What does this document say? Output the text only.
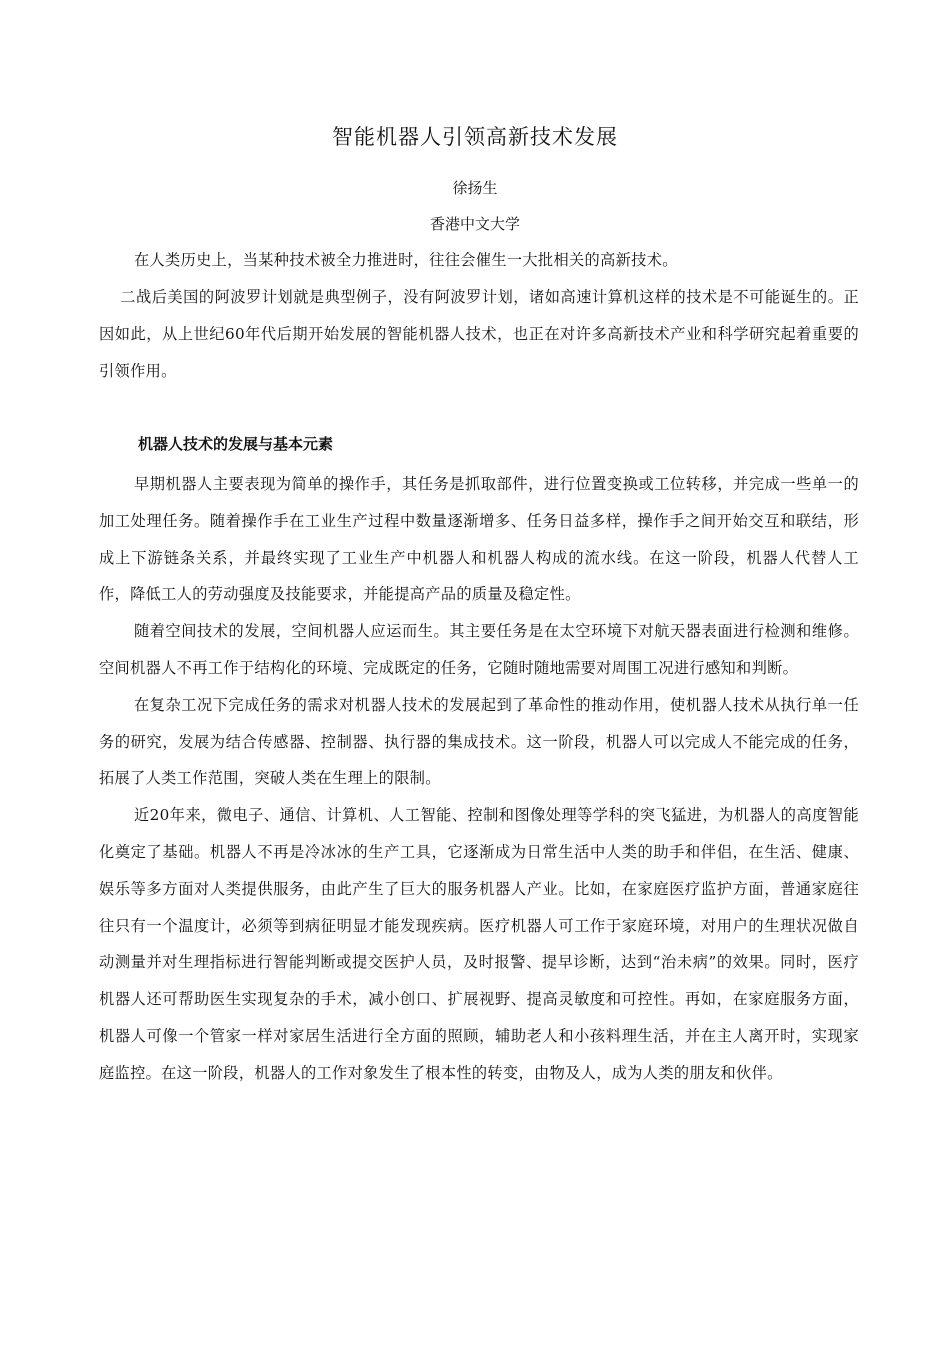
智能机器人引领高新技术发展
徐扬生
香港中文大学

在人类历史上，当某种技术被全力推进时，往往会催生一大批相关的高新技术。

二战后美国的阿波罗计划就是典型例子，没有阿波罗计划，诸如高速计算机这样的技术是不可能诞生的。正因如此，从上世纪60年代后期开始发展的智能机器人技术，也正在对许多高新技术产业和科学研究起着重要的引领作用。

机器人技术的发展与基本元素

早期机器人主要表现为简单的操作手，其任务是抓取部件，进行位置变换或工位转移，并完成一些单一的加工处理任务。随着操作手在工业生产过程中数量逐渐增多、任务日益多样，操作手之间开始交互和联结，形成上下游链条关系，并最终实现了工业生产中机器人和机器人构成的流水线。在这一阶段，机器人代替人工作，降低工人的劳动强度及技能要求，并能提高产品的质量及稳定性。

随着空间技术的发展，空间机器人应运而生。其主要任务是在太空环境下对航天器表面进行检测和维修。空间机器人不再工作于结构化的环境、完成既定的任务，它随时随地需要对周围工况进行感知和判断。

在复杂工况下完成任务的需求对机器人技术的发展起到了革命性的推动作用，使机器人技术从执行单一任务的研究，发展为结合传感器、控制器、执行器的集成技术。这一阶段，机器人可以完成人不能完成的任务，拓展了人类工作范围，突破人类在生理上的限制。

近20年来，微电子、通信、计算机、人工智能、控制和图像处理等学科的突飞猛进，为机器人的高度智能化奠定了基础。机器人不再是冷冰冰的生产工具，它逐渐成为日常生活中人类的助手和伴侣，在生活、健康、娱乐等多方面对人类提供服务，由此产生了巨大的服务机器人产业。比如，在家庭医疗监护方面，普通家庭往往只有一个温度计，必须等到病征明显才能发现疾病。医疗机器人可工作于家庭环境，对用户的生理状况做自动测量并对生理指标进行智能判断或提交医护人员，及时报警、提早诊断，达到“治未病”的效果。同时，医疗机器人还可帮助医生实现复杂的手术，减小创口、扩展视野、提高灵敏度和可控性。再如，在家庭服务方面，机器人可像一个管家一样对家居生活进行全方面的照顾，辅助老人和小孩料理生活，并在主人离开时，实现家庭监控。在这一阶段，机器人的工作对象发生了根本性的转变，由物及人，成为人类的朋友和伙伴。
